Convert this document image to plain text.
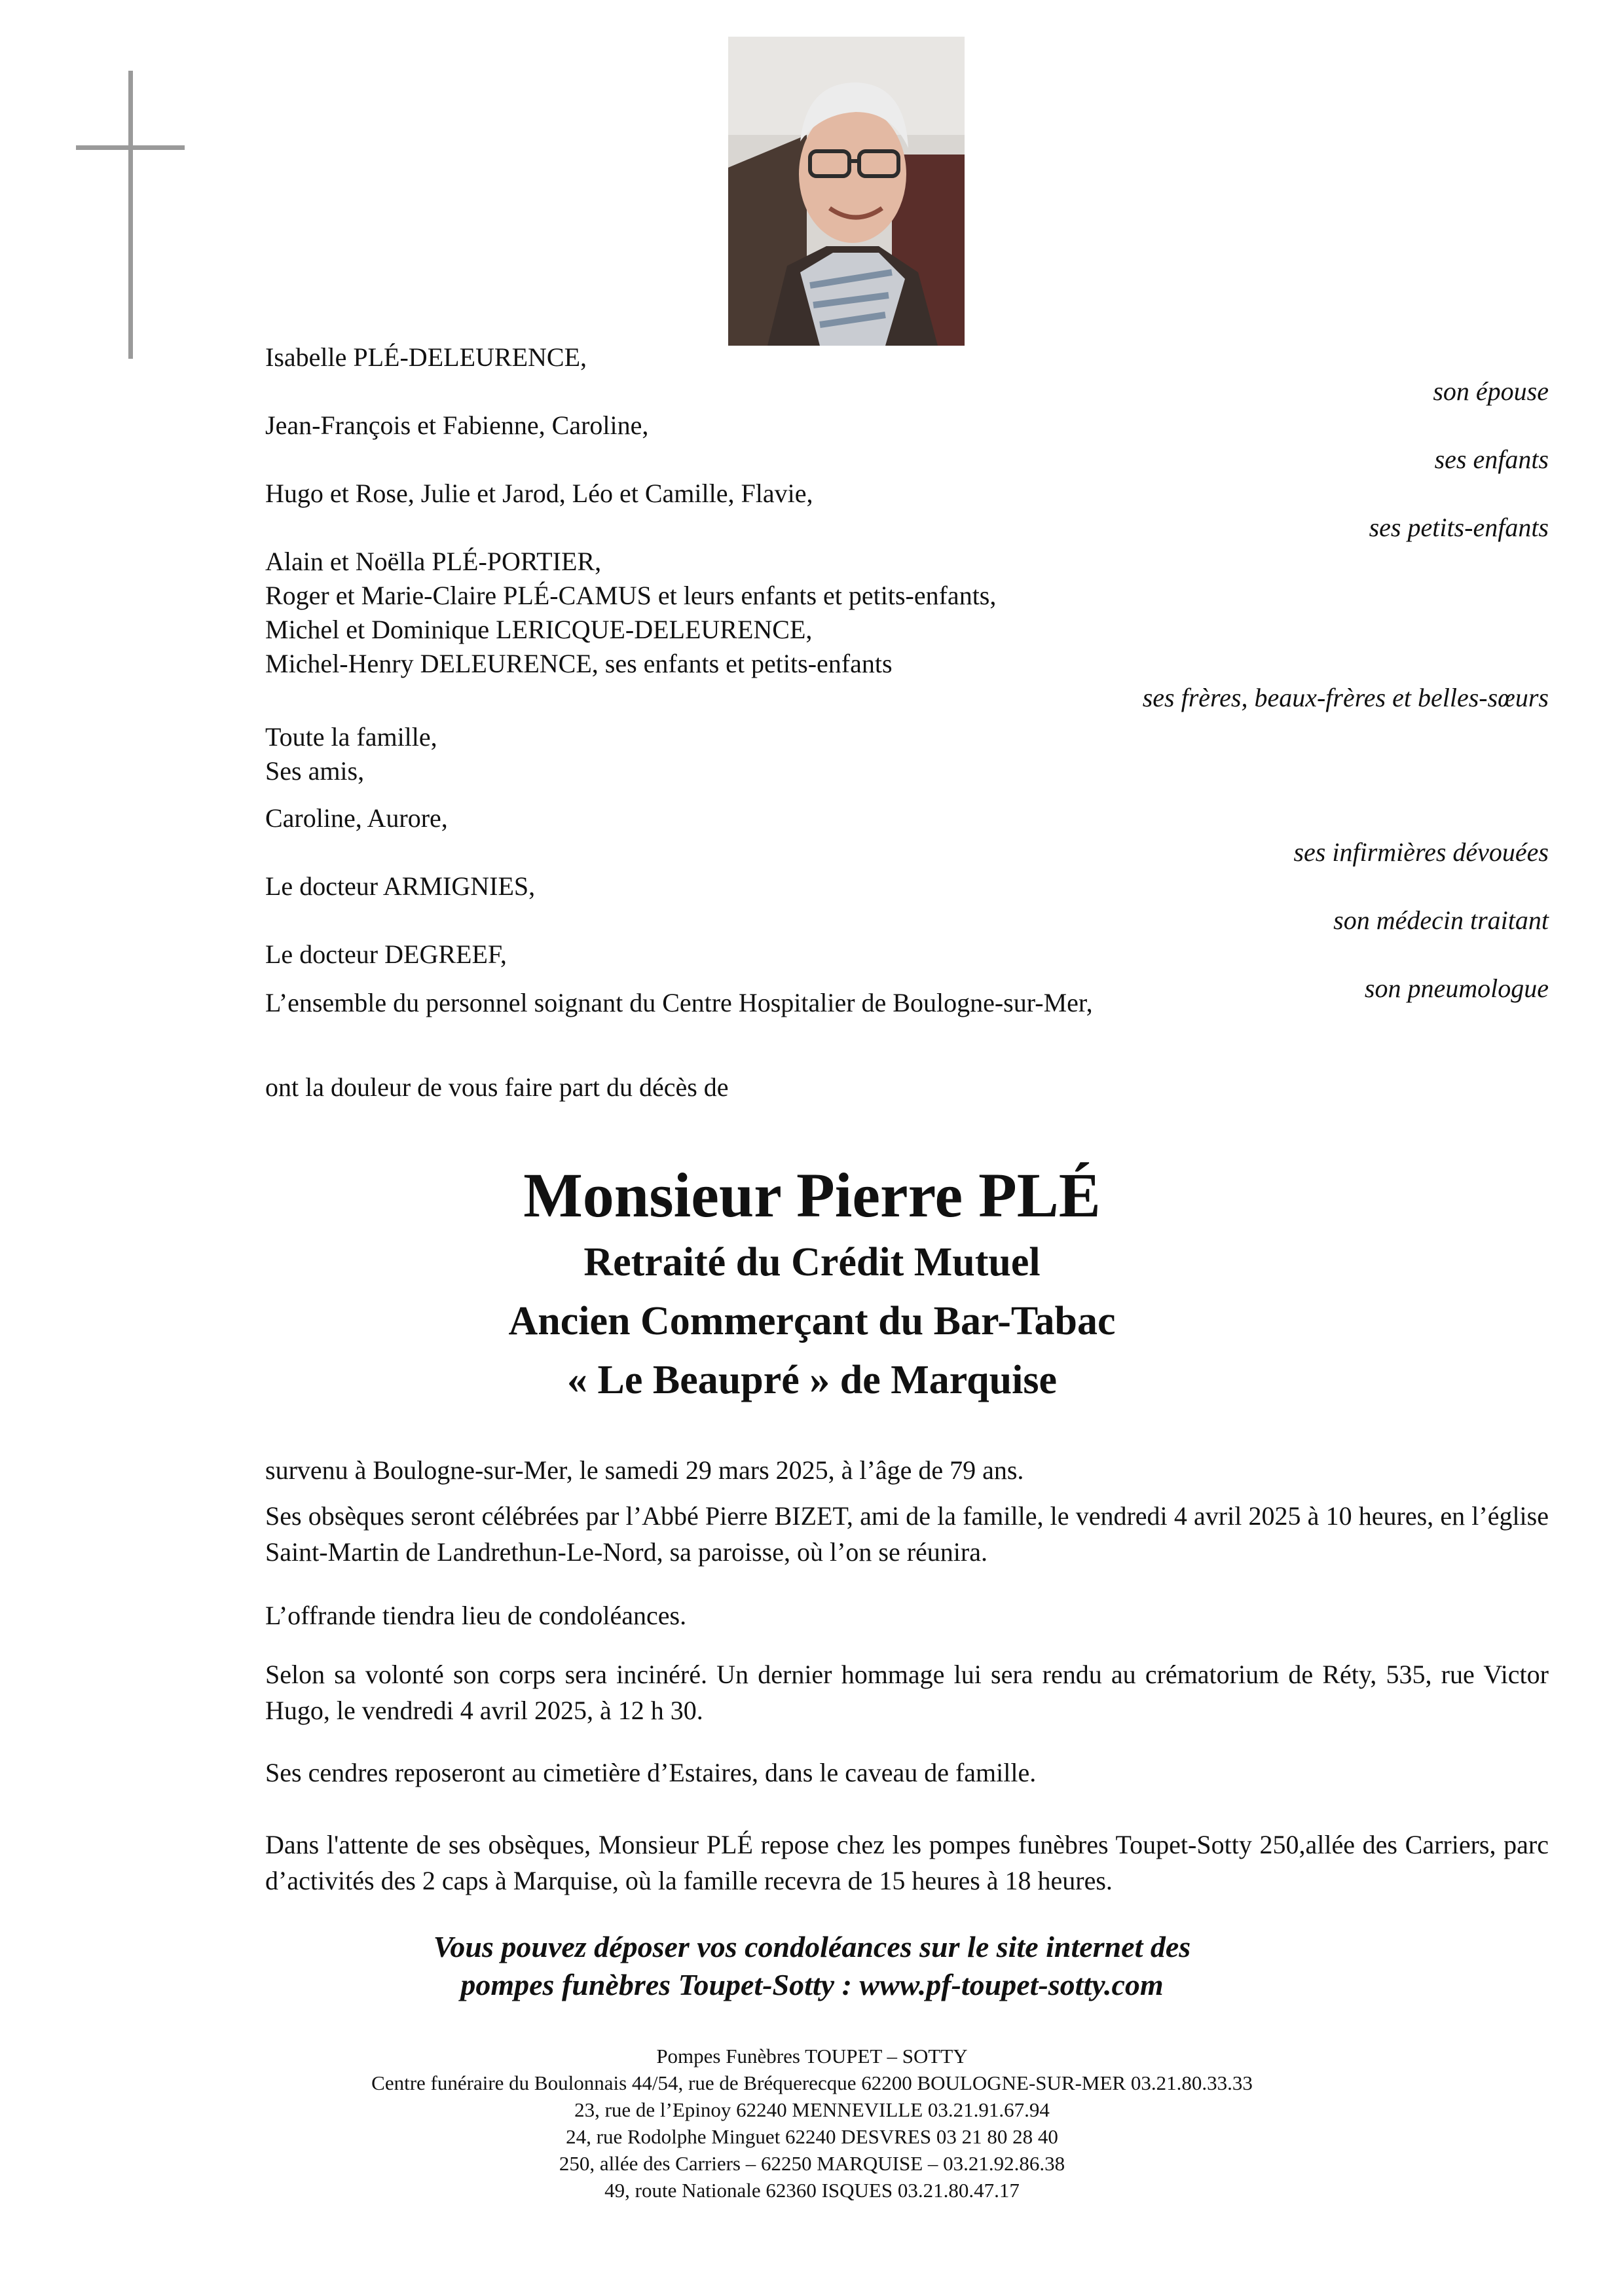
Isabelle PLÉ-DELEURENCE,
son épouse
Jean-François et Fabienne, Caroline,
ses enfants
Hugo et Rose, Julie et Jarod, Léo et Camille, Flavie,
ses petits-enfants
Alain et Noëlla PLÉ-PORTIER,
Roger et Marie-Claire PLÉ-CAMUS et leurs enfants et petits-enfants,
Michel et Dominique LERICQUE-DELEURENCE,
Michel-Henry DELEURENCE, ses enfants et petits-enfants
ses frères, beaux-frères et belles-sœurs
Toute la famille,
Ses amis,
Caroline, Aurore,
ses infirmières dévouées
Le docteur ARMIGNIES,
son médecin traitant
Le docteur DEGREEF,
son pneumologue
L’ensemble du personnel soignant du Centre Hospitalier de Boulogne-sur-Mer,
ont la douleur de vous faire part du décès de
Monsieur Pierre PLÉ
Retraité du Crédit Mutuel
Ancien Commerçant du Bar-Tabac
« Le Beaupré » de Marquise
survenu à Boulogne-sur-Mer, le samedi 29 mars 2025, à l’âge de 79 ans.
Ses obsèques seront célébrées par l’Abbé Pierre BIZET, ami de la famille, le vendredi 4 avril 2025 à 10 heures, en l’église Saint-Martin de Landrethun-Le-Nord, sa paroisse, où l’on se réunira.
L’offrande tiendra lieu de condoléances.
Selon sa volonté son corps sera incinéré. Un dernier hommage lui sera rendu au crématorium de Réty, 535, rue Victor Hugo, le vendredi 4 avril 2025, à 12 h 30.
Ses cendres reposeront au cimetière d’Estaires, dans le caveau de famille.
Dans l'attente de ses obsèques, Monsieur PLÉ repose chez les pompes funèbres Toupet-Sotty 250,allée des Carriers, parc d’activités des 2 caps à Marquise, où la famille recevra de 15 heures à 18 heures.
Vous pouvez déposer vos condoléances sur le site internet des
pompes funèbres Toupet-Sotty : www.pf-toupet-sotty.com
Pompes Funèbres TOUPET – SOTTY
Centre funéraire du Boulonnais 44/54, rue de Bréquerecque 62200 BOULOGNE-SUR-MER 03.21.80.33.33
23, rue de l’Epinoy 62240 MENNEVILLE 03.21.91.67.94
24, rue Rodolphe Minguet 62240 DESVRES 03 21 80 28 40
250, allée des Carriers – 62250 MARQUISE – 03.21.92.86.38
49, route Nationale 62360 ISQUES 03.21.80.47.17
